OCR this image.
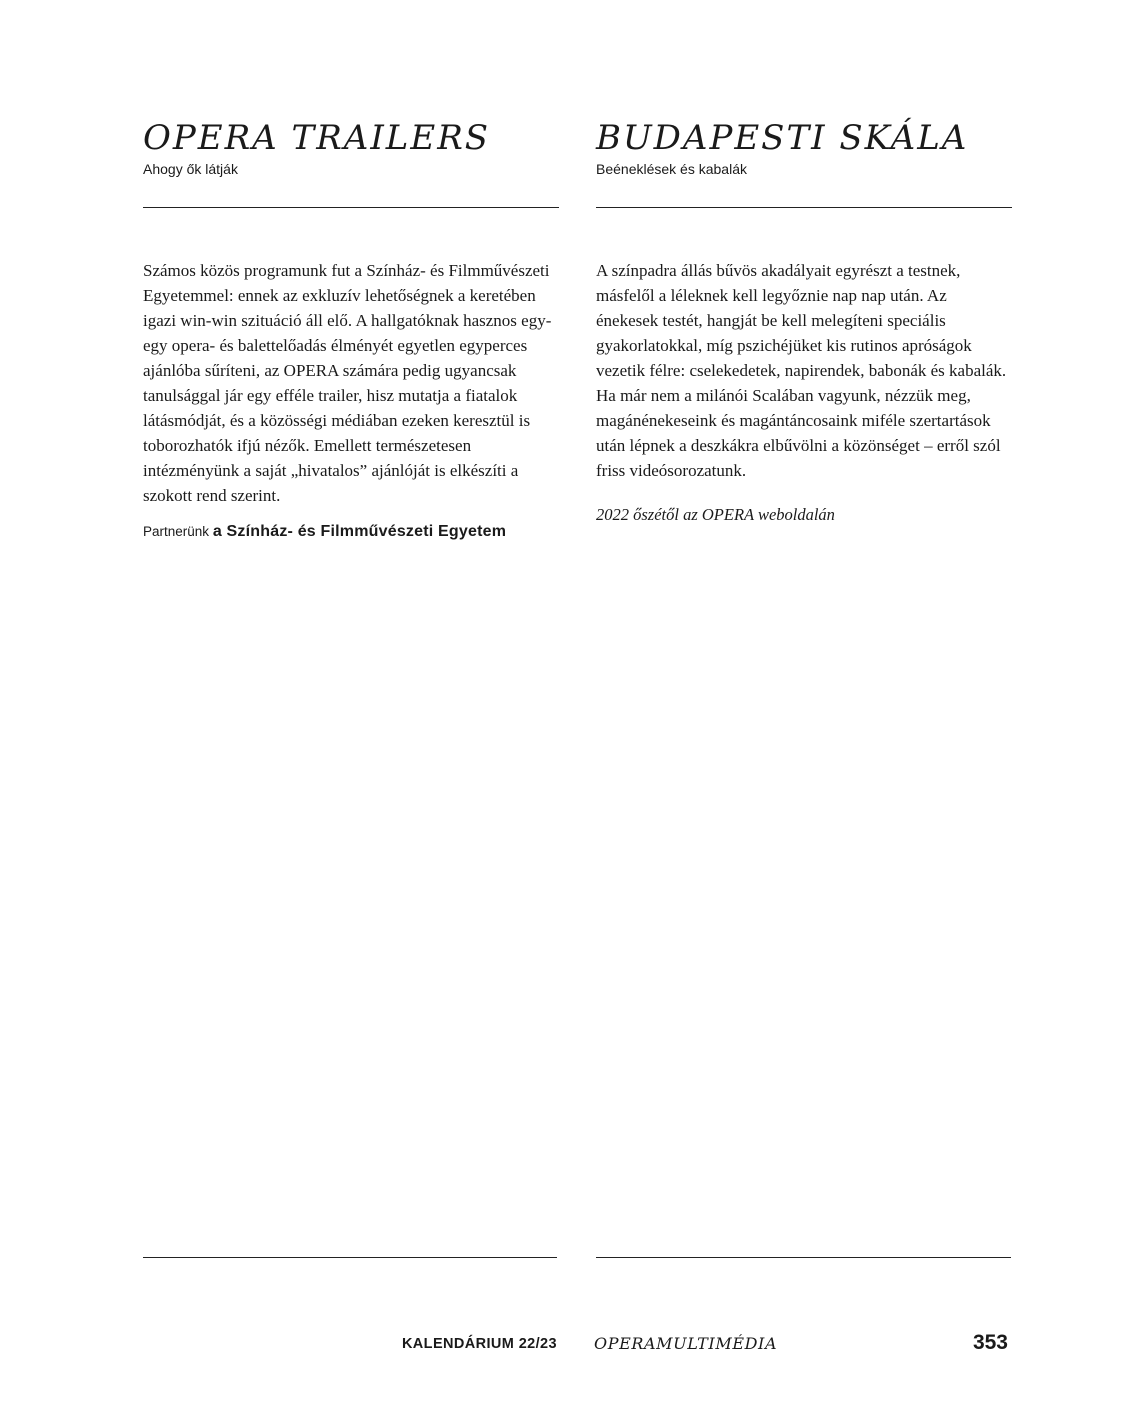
OPERA TRAILERS
Ahogy ők látják

Számos közös programunk fut a Színház- és Filmművészeti Egyetemmel: ennek az exkluzív lehetőségnek a keretében igazi win-win szituáció áll elő. A hallgatóknak hasznos egy-egy opera- és balettelőadás élményét egyetlen egyperces ajánlóba sűríteni, az OPERA számára pedig ugyancsak tanulsággal jár egy efféle trailer, hisz mutatja a fiatalok látásmódját, és a közösségi médiában ezeken keresztül is toborozhatók ifjú nézők. Emellett természetesen intézményünk a saját „hivatalos” ajánlóját is elkészíti a szokott rend szerint.

Partnerünk a Színház- és Filmművészeti Egyetem
BUDAPESTI SKÁLA
Beéneklések és kabalák

A színpadra állás bűvös akadályait egyrészt a testnek, másfelől a léleknek kell legyőznie nap nap után. Az énekesek testét, hangját be kell melegíteni speciális gyakorlatokkal, míg pszichéjüket kis rutinos apróságok vezetik félre: cselekedetek, napirendek, babonák és kabalák. Ha már nem a milánói Scalában vagyunk, nézzük meg, magánénekeseink és magántáncosaink miféle szertartások után lépnek a deszkákra elbűvölni a közönséget – erről szól friss videósorozatunk.

2022 őszétől az OPERA weboldalán
KALENDÁRIUM 22/23 OPERAMULTIMÉDIA	353
